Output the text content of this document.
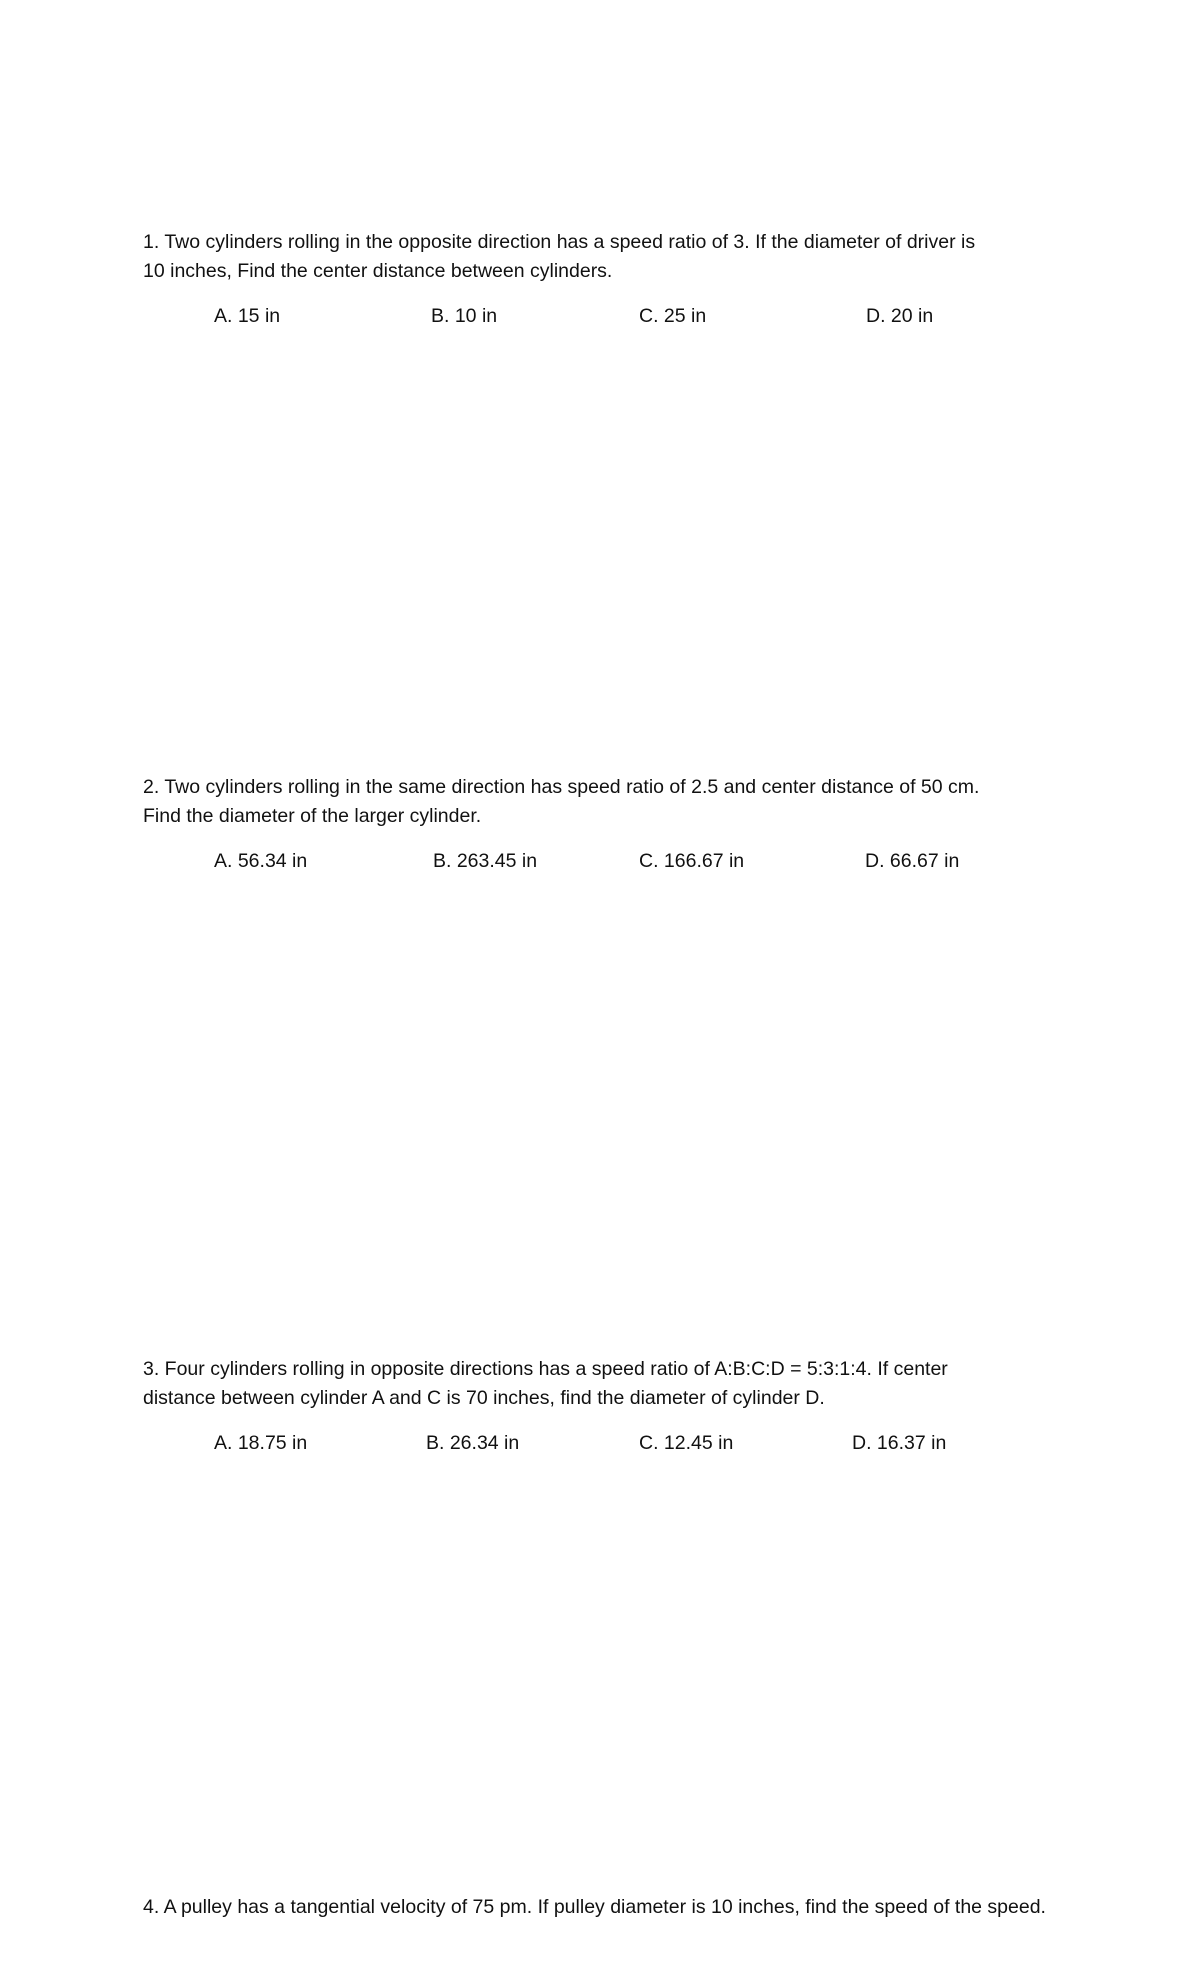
1. Two cylinders rolling in the opposite direction has a speed ratio of 3. If the diameter of driver is
10 inches, Find the center distance between cylinders.

A. 15 in	B. 10 in	C. 25 in	D. 20 in

2. Two cylinders rolling in the same direction has speed ratio of 2.5 and center distance of 50 cm.
Find the diameter of the larger cylinder.

A. 56.34 in	B. 263.45 in	C. 166.67 in	D. 66.67 in

3. Four cylinders rolling in opposite directions has a speed ratio of A:B:C:D = 5:3:1:4. If center
distance between cylinder A and C is 70 inches, find the diameter of cylinder D.

A. 18.75 in	B. 26.34 in	C. 12.45 in	D. 16.37 in

4. A pulley has a tangential velocity of 75 pm. If pulley diameter is 10 inches, find the speed of the speed.
